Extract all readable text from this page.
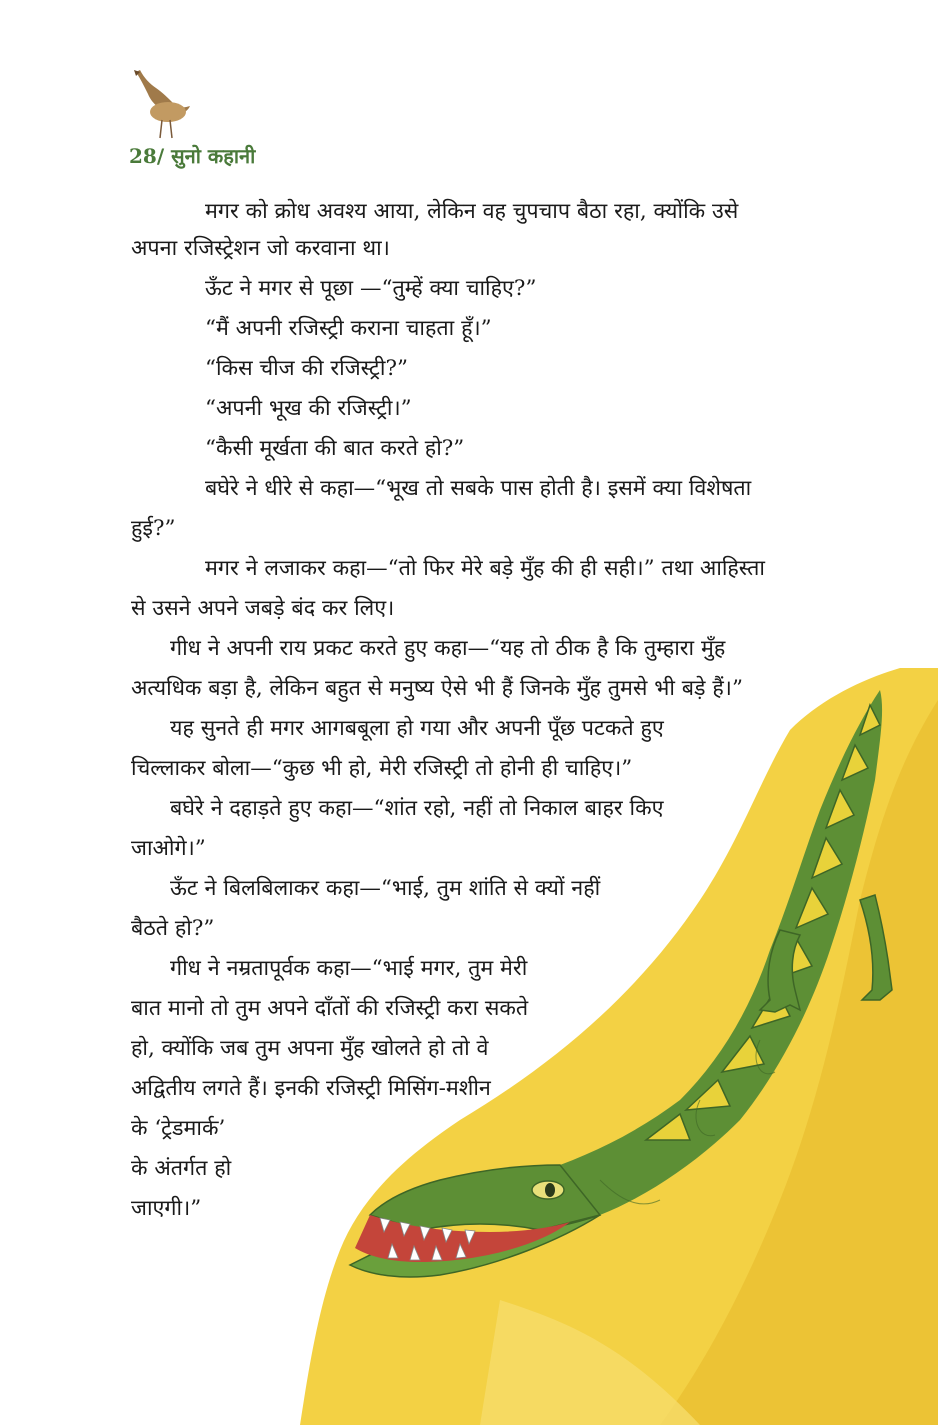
28/ सुनो कहानी
मगर को क्रोध अवश्य आया, लेकिन वह चुपचाप बैठा रहा, क्योंकि उसे
अपना रजिस्ट्रेशन जो करवाना था।
ऊँट ने मगर से पूछा —“तुम्हें क्या चाहिए?”
“मैं अपनी रजिस्ट्री कराना चाहता हूँ।”
“किस चीज की रजिस्ट्री?”
“अपनी भूख की रजिस्ट्री।”
“कैसी मूर्खता की बात करते हो?”
बघेरे ने धीरे से कहा—“भूख तो सबके पास होती है। इसमें क्या विशेषता
हुई?”
मगर ने लजाकर कहा—“तो फिर मेरे बड़े मुँह की ही सही।” तथा आहिस्ता
से उसने अपने जबड़े बंद कर लिए।
गीध ने अपनी राय प्रकट करते हुए कहा—“यह तो ठीक है कि तुम्हारा मुँह
अत्यधिक बड़ा है, लेकिन बहुत से मनुष्य ऐसे भी हैं जिनके मुँह तुमसे भी बड़े हैं।”
यह सुनते ही मगर आगबबूला हो गया और अपनी पूँछ पटकते हुए
चिल्लाकर बोला—“कुछ भी हो, मेरी रजिस्ट्री तो होनी ही चाहिए।”
बघेरे ने दहाड़ते हुए कहा—“शांत रहो, नहीं तो निकाल बाहर किए
जाओगे।”
ऊँट ने बिलबिलाकर कहा—“भाई, तुम शांति से क्यों नहीं
बैठते हो?”
गीध ने नम्रतापूर्वक कहा—“भाई मगर, तुम मेरी
बात मानो तो तुम अपने दाँतों की रजिस्ट्री करा सकते
हो, क्योंकि जब तुम अपना मुँह खोलते हो तो वे
अद्वितीय लगते हैं। इनकी रजिस्ट्री मिसिंग-मशीन
के ‘ट्रेडमार्क’
के अंतर्गत हो
जाएगी।”
